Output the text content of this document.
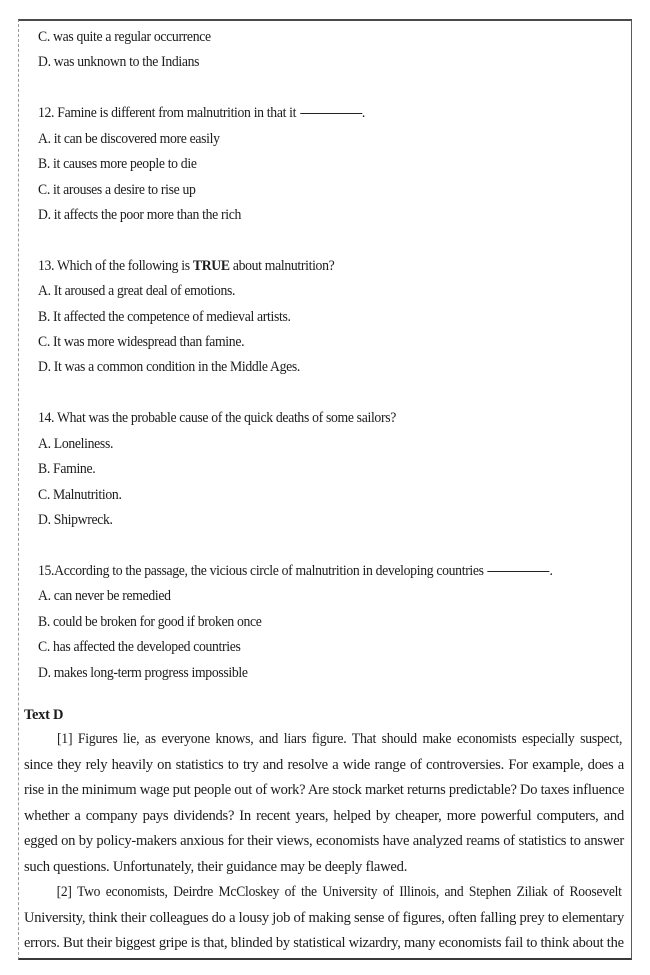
C. was quite a regular occurrence
D. was unknown to the Indians
12. Famine is different from malnutrition in that it	.
A. it can be discovered more easily
B. it causes more people to die
C. it arouses a desire to rise up
D. it affects the poor more than the rich
13. Which of the following is TRUE about malnutrition?
A. It aroused a great deal of emotions.
B. It affected the competence of medieval artists.
C. It was more widespread than famine.
D. It was a common condition in the Middle Ages.
14. What was the probable cause of the quick deaths of some sailors?
A. Loneliness.
B. Famine.
C. Malnutrition.
D. Shipwreck.
15.According to the passage, the vicious circle of malnutrition in developing countries	.
A. can never be remedied
B. could be broken for good if broken once
C. has affected the developed countries
D. makes long-term progress impossible
Text D
[1] Figures lie, as everyone knows, and liars figure. That should make economists especially suspect,
since they rely heavily on statistics to try and resolve a wide range of controversies. For example, does a
rise in the minimum wage put people out of work? Are stock market returns predictable? Do taxes influence
whether a company pays dividends? In recent years, helped by cheaper, more powerful computers, and
egged on by policy-makers anxious for their views, economists have analyzed reams of statistics to answer
such questions. Unfortunately, their guidance may be deeply flawed.
[2] Two economists, Deirdre McCloskey of the University of Illinois, and Stephen Ziliak of Roosevelt
University, think their colleagues do a lousy job of making sense of figures, often falling prey to elementary
errors. But their biggest gripe is that, blinded by statistical wizardry, many economists fail to think about the
